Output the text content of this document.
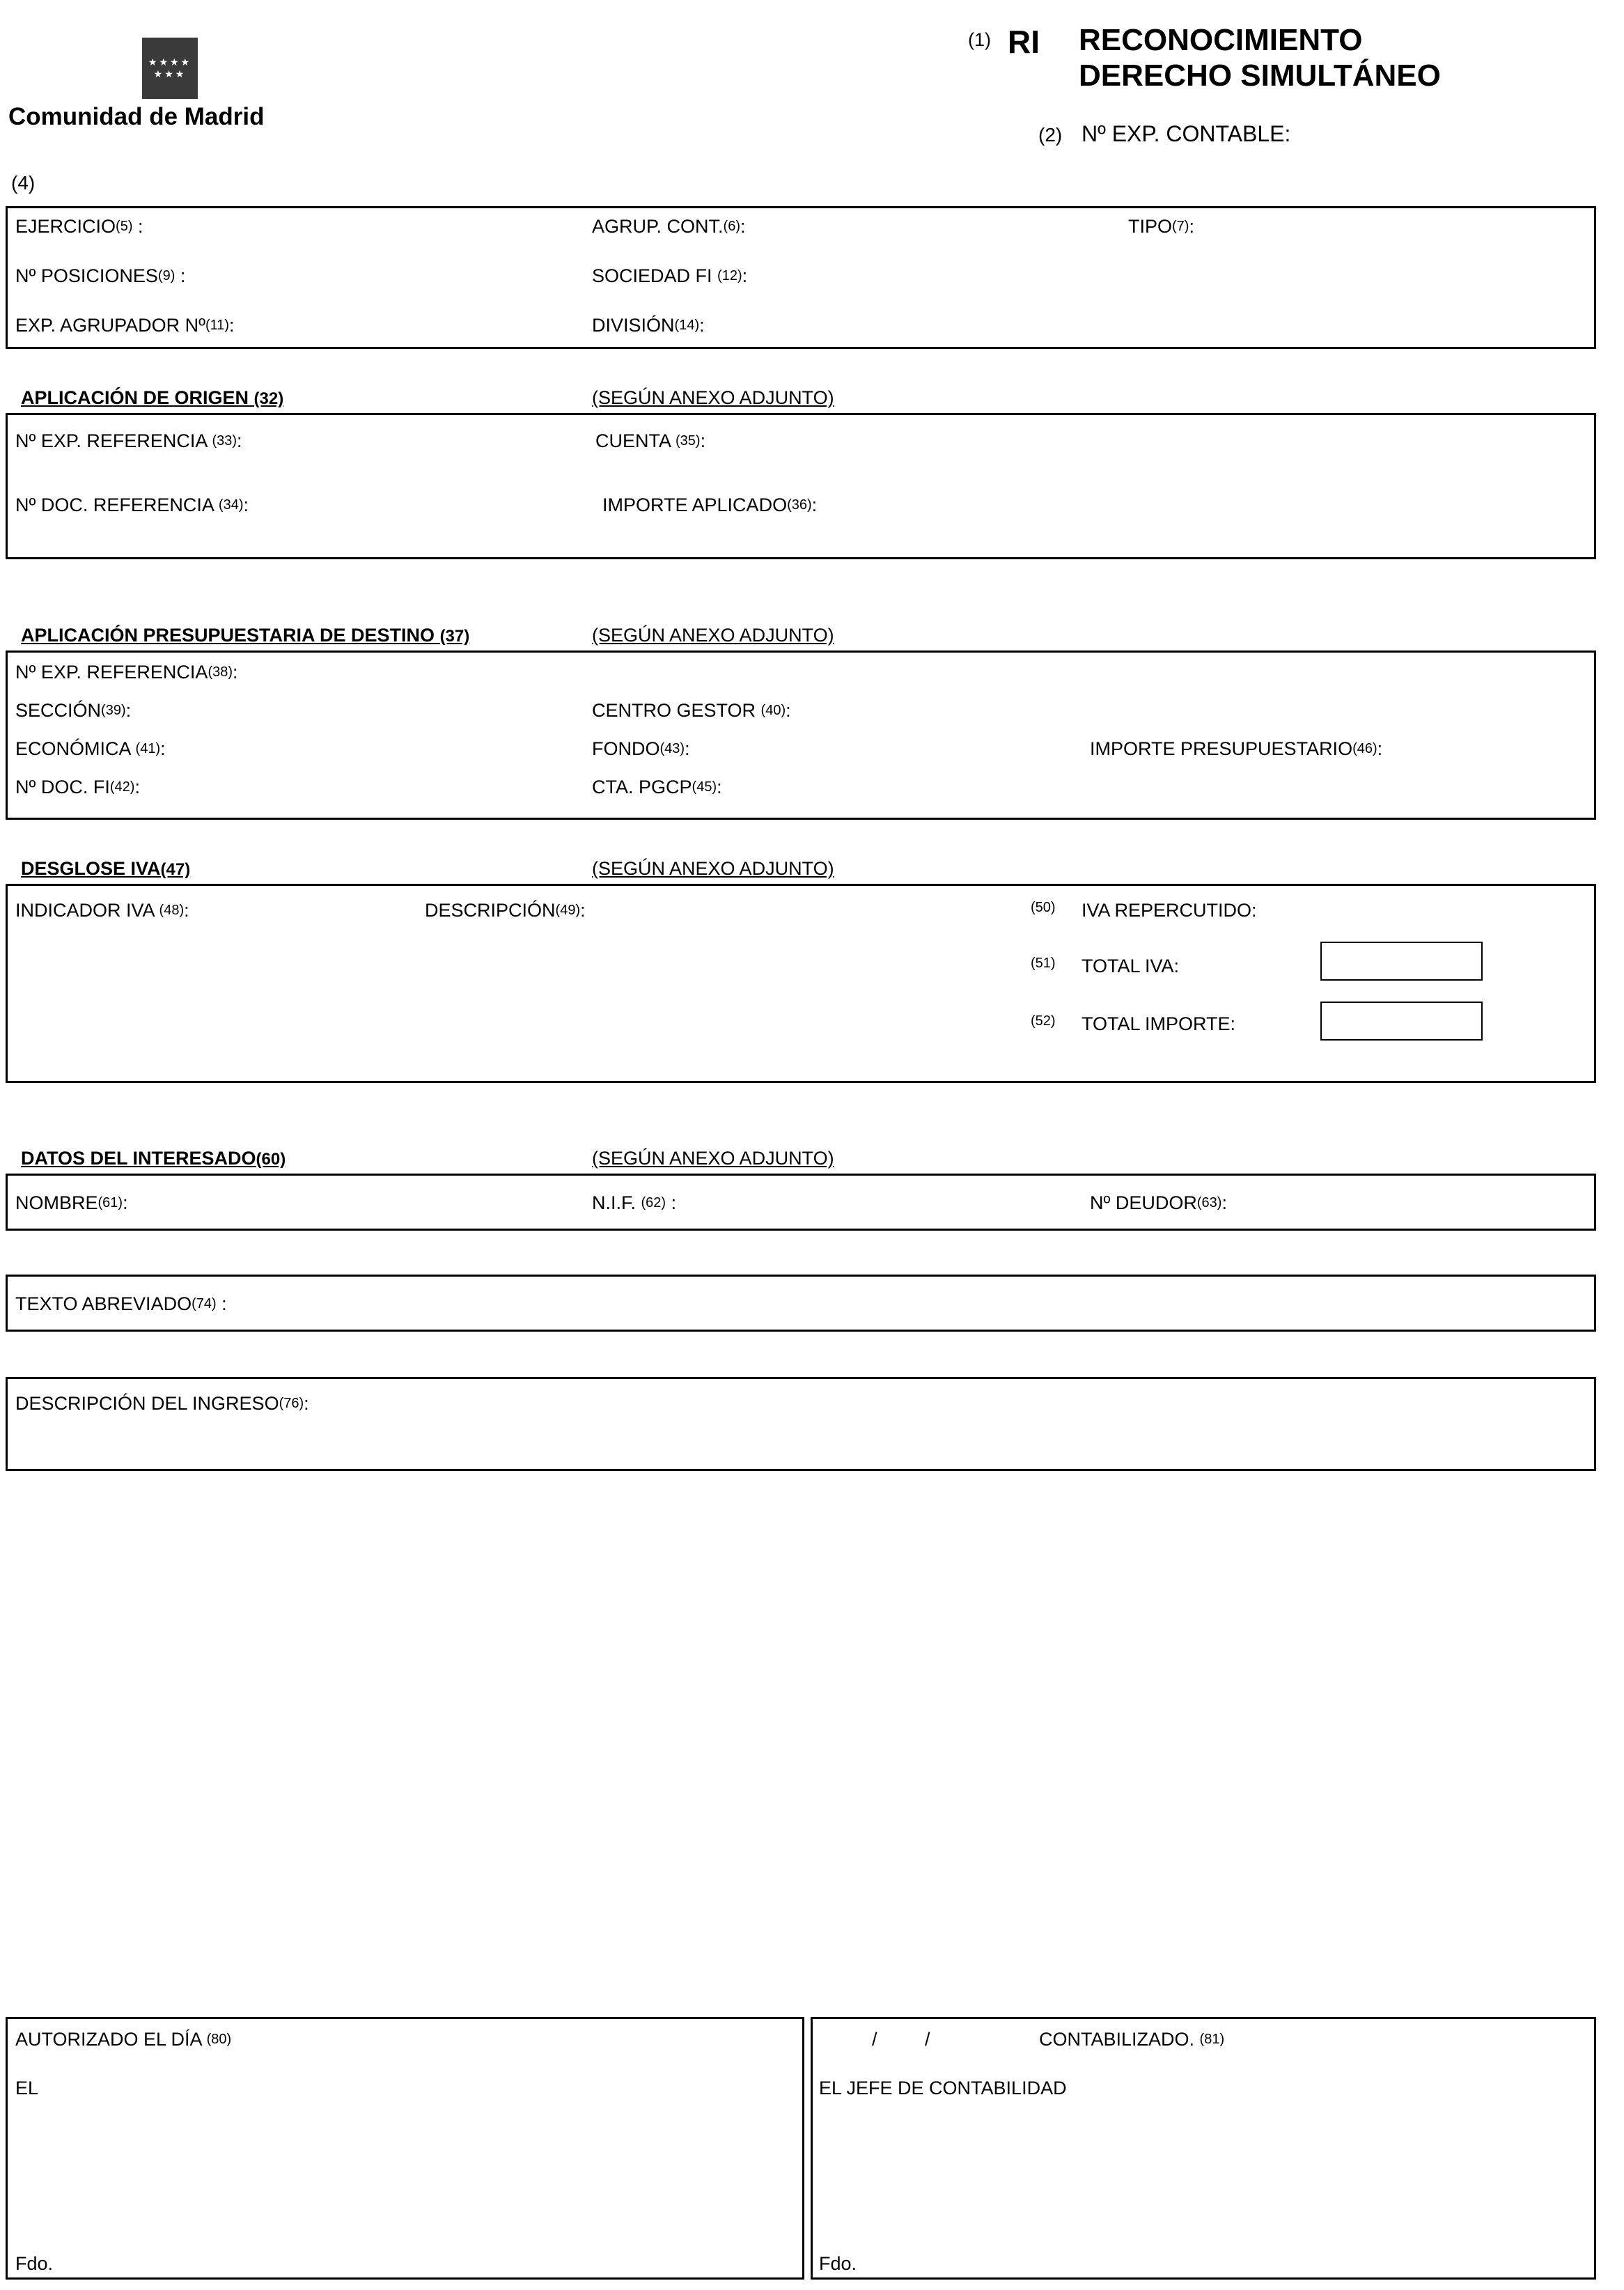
★★★★
★★★
Comunidad de Madrid
(1) RI RECONOCIMIENTO
DERECHO SIMULTÁNEO
(2) Nº EXP. CONTABLE:
(4)
EJERCICIO(5) :	AGRUP. CONT.(6):	TIPO(7):
Nº POSICIONES(9) :	SOCIEDAD FI (12):
EXP. AGRUPADOR Nº(11):	DIVISIÓN(14):
APLICACIÓN DE ORIGEN (32)	(SEGÚN ANEXO ADJUNTO)
Nº EXP. REFERENCIA (33):	CUENTA (35):
Nº DOC. REFERENCIA (34):	IMPORTE APLICADO(36):
APLICACIÓN PRESUPUESTARIA DE DESTINO (37)	(SEGÚN ANEXO ADJUNTO)
Nº EXP. REFERENCIA(38):
SECCIÓN(39):	CENTRO GESTOR (40):
ECONÓMICA (41):	FONDO(43):	IMPORTE PRESUPUESTARIO(46):
Nº DOC. FI(42):	CTA. PGCP(45):
DESGLOSE IVA(47)	(SEGÚN ANEXO ADJUNTO)
INDICADOR IVA (48):	DESCRIPCIÓN(49):	(50) IVA REPERCUTIDO:
(51) TOTAL IVA:
(52) TOTAL IMPORTE:
DATOS DEL INTERESADO(60)	(SEGÚN ANEXO ADJUNTO)
NOMBRE(61):	N.I.F. (62) :	Nº DEUDOR(63):
TEXTO ABREVIADO(74) :
DESCRIPCIÓN DEL INGRESO(76):
AUTORIZADO EL DÍA (80)
EL
Fdo.
/	/	CONTABILIZADO. (81)
EL JEFE DE CONTABILIDAD
Fdo.
